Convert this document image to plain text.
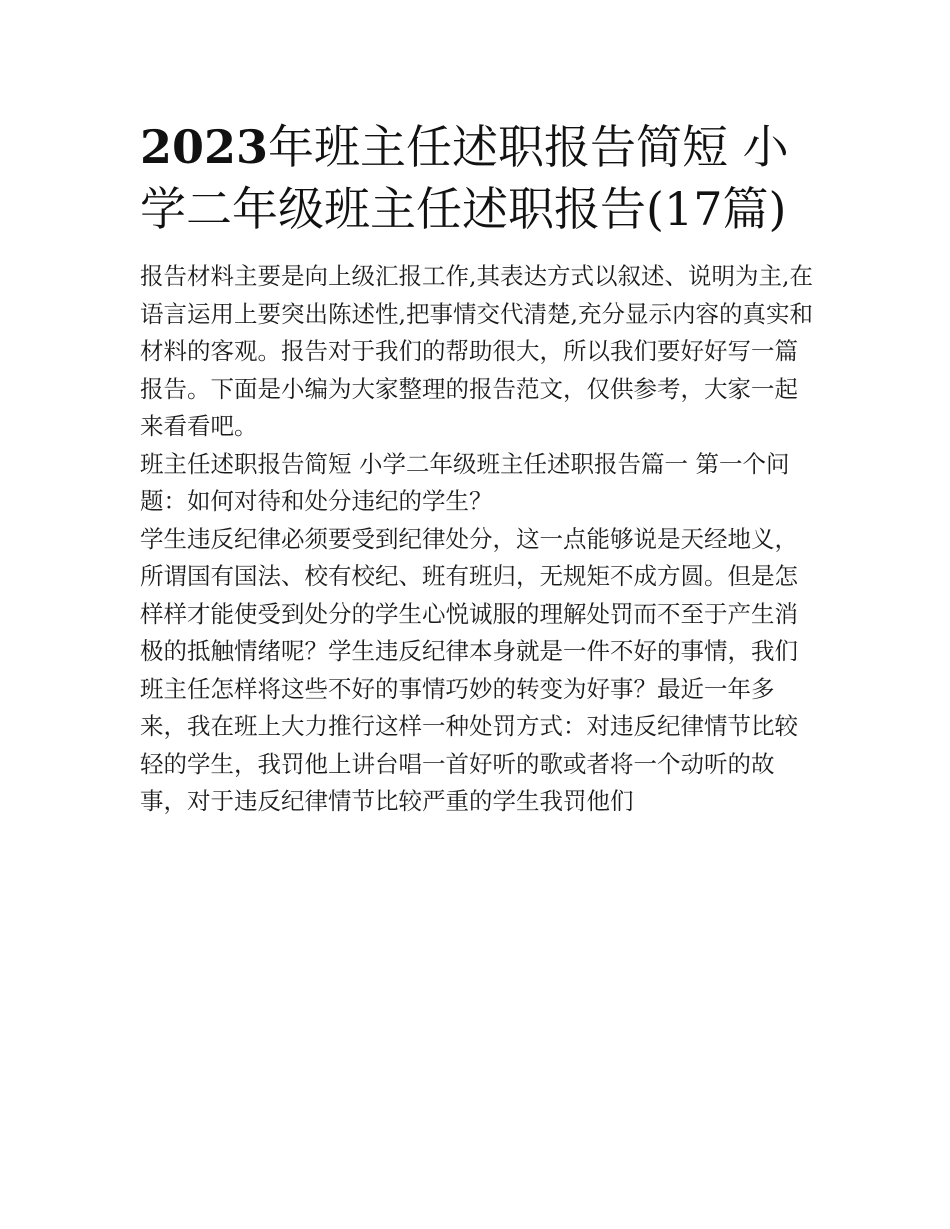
2023年班主任述职报告简短 小学二年级班主任述职报告(17篇)

报告材料主要是向上级汇报工作,其表达方式以叙述、说明为主,在语言运用上要突出陈述性,把事情交代清楚,充分显示内容的真实和材料的客观。报告对于我们的帮助很大，所以我们要好好写一篇报告。下面是小编为大家整理的报告范文，仅供参考，大家一起来看看吧。

班主任述职报告简短 小学二年级班主任述职报告篇一 第一个问题：如何对待和处分违纪的学生？

学生违反纪律必须要受到纪律处分，这一点能够说是天经地义，所谓国有国法、校有校纪、班有班归，无规矩不成方圆。但是怎样样才能使受到处分的学生心悦诚服的理解处罚而不至于产生消极的抵触情绪呢？学生违反纪律本身就是一件不好的事情，我们班主任怎样将这些不好的事情巧妙的转变为好事？最近一年多来，我在班上大力推行这样一种处罚方式：对违反纪律情节比较轻的学生，我罚他上讲台唱一首好听的歌或者将一个动听的故事，对于违反纪律情节比较严重的学生我罚他们
